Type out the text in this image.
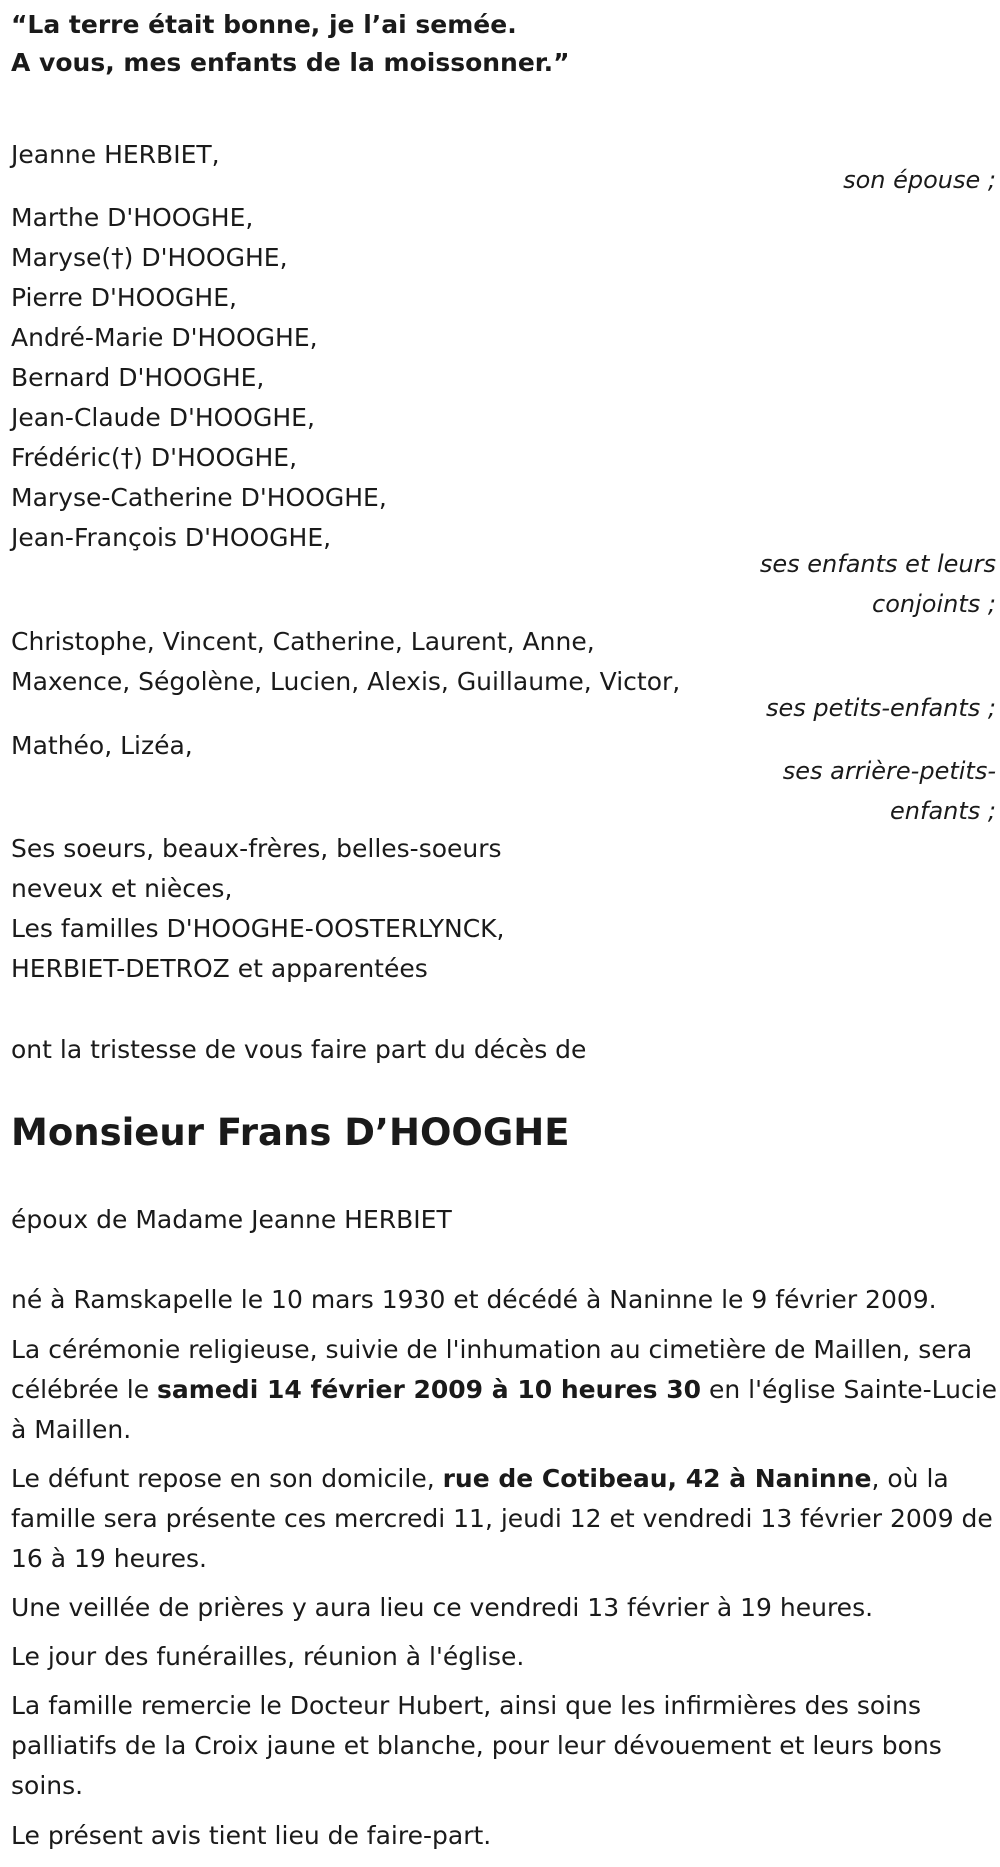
“La terre était bonne, je l’ai semée.
A vous, mes enfants de la moissonner.”
Jeanne HERBIET,
son épouse ;
Marthe D'HOOGHE,
Maryse(†) D'HOOGHE,
Pierre D'HOOGHE,
André-Marie D'HOOGHE,
Bernard D'HOOGHE,
Jean-Claude D'HOOGHE,
Frédéric(†) D'HOOGHE,
Maryse-Catherine D'HOOGHE,
Jean-François D'HOOGHE,
ses enfants et leurs
conjoints ;
Christophe, Vincent, Catherine, Laurent, Anne,
Maxence, Ségolène, Lucien, Alexis, Guillaume, Victor,
ses petits-enfants ;
Mathéo, Lizéa,
ses arrière-petits-
enfants ;
Ses soeurs, beaux-frères, belles-soeurs
neveux et nièces,
Les familles D'HOOGHE-OOSTERLYNCK,
HERBIET-DETROZ et apparentées
ont la tristesse de vous faire part du décès de
Monsieur Frans D’HOOGHE
époux de Madame Jeanne HERBIET
né à Ramskapelle le 10 mars 1930 et décédé à Naninne le 9 février 2009.
La cérémonie religieuse, suivie de l'inhumation au cimetière de Maillen, sera célébrée le samedi 14 février 2009 à 10 heures 30 en l'église Sainte-Lucie à Maillen.
Le défunt repose en son domicile, rue de Cotibeau, 42 à Naninne, où la famille sera présente ces mercredi 11, jeudi 12 et vendredi 13 février 2009 de 16 à 19 heures.
Une veillée de prières y aura lieu ce vendredi 13 février à 19 heures.
Le jour des funérailles, réunion à l'église.
La famille remercie le Docteur Hubert, ainsi que les infirmières des soins palliatifs de la Croix jaune et blanche, pour leur dévouement et leurs bons soins.
Le présent avis tient lieu de faire-part.
